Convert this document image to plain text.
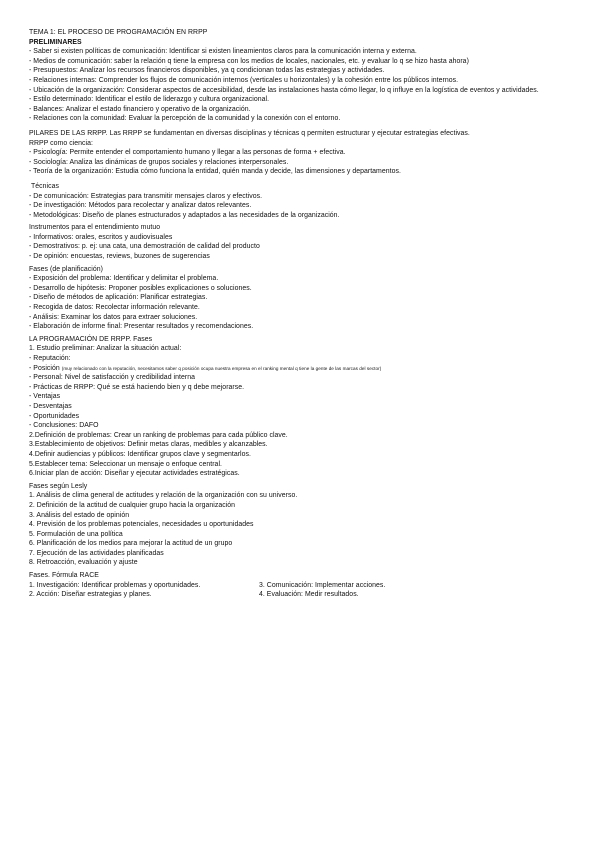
TEMA 1: EL PROCESO DE PROGRAMACIÓN EN RRPP
PRELIMINARES
- Saber si existen políticas de comunicación: Identificar si existen lineamientos claros para la comunicación interna y externa.
- Medios de comunicación: saber la relación q tiene la empresa con los medios de locales, nacionales, etc. y evaluar lo q se hizo hasta ahora)
- Presupuestos: Analizar los recursos financieros disponibles, ya q condicionan todas las estrategias y actividades.
- Relaciones internas: Comprender los flujos de comunicación internos (verticales u horizontales) y la cohesión entre los públicos internos.
- Ubicación de la organización: Considerar aspectos de accesibilidad, desde las instalaciones hasta cómo llegar, lo q influye en la logística de eventos y actividades.
- Estilo determinado: Identificar el estilo de liderazgo y cultura organizacional.
- Balances: Analizar el estado financiero y operativo de la organización.
- Relaciones con la comunidad: Evaluar la percepción de la comunidad y la conexión con el entorno.
PILARES DE LAS RRPP. Las RRPP se fundamentan en diversas disciplinas y técnicas q permiten estructurar y ejecutar estrategias efectivas.
RRPP como ciencia:
- Psicología: Permite entender el comportamiento humano y llegar a las personas de forma + efectiva.
- Sociología: Analiza las dinámicas de grupos sociales y relaciones interpersonales.
- Teoría de la organización: Estudia cómo funciona la entidad, quién manda y decide, las dimensiones y departamentos.
Técnicas
- De comunicación: Estrategias para transmitir mensajes claros y efectivos.
- De investigación: Métodos para recolectar y analizar datos relevantes.
- Metodológicas: Diseño de planes estructurados y adaptados a las necesidades de la organización.
Instrumentos para el entendimiento mutuo
- Informativos: orales, escritos y audiovisuales
- Demostrativos: p. ej: una cata, una demostración de calidad del producto
- De opinión: encuestas, reviews, buzones de sugerencias
Fases (de planificación)
- Exposición del problema: Identificar y delimitar el problema.
- Desarrollo de hipótesis: Proponer posibles explicaciones o soluciones.
- Diseño de métodos de aplicación: Planificar estrategias.
- Recogida de datos: Recolectar información relevante.
- Análisis: Examinar los datos para extraer soluciones.
- Elaboración de informe final: Presentar resultados y recomendaciones.
LA PROGRAMACIÓN DE RRPP. Fases
1. Estudio preliminar: Analizar la situación actual:
- Reputación:
- Posición (muy relacionado con la reputación, necesitamos saber q posición ocupa nuestra empresa en el ranking mental q tiene la gente de las marcas del sector)
- Personal: Nivel de satisfacción y credibilidad interna
- Prácticas de RRPP: Qué se está haciendo bien y q debe mejorarse.
- Ventajas
- Desventajas
- Oportunidades
- Conclusiones: DAFO
2.Definición de problemas: Crear un ranking de problemas para cada público clave.
3.Establecimiento de objetivos: Definir metas claras, medibles y alcanzables.
4.Definir audiencias y públicos: Identificar grupos clave y segmentarlos.
5.Establecer tema: Seleccionar un mensaje o enfoque central.
6.Iniciar plan de acción: Diseñar y ejecutar actividades estratégicas.
Fases según Lesly
1. Análisis de clima general de actitudes y relación de la organización con su universo.
2. Definición de la actitud de cualquier grupo hacia la organización
3. Análisis del estado de opinión
4. Previsión de los problemas potenciales, necesidades u oportunidades
5. Formulación de una política
6. Planificación de los medios para mejorar la actitud de un grupo
7. Ejecución de las actividades planificadas
8. Retroacción, evaluación y ajuste
Fases. Fórmula RACE
1. Investigación: Identificar problemas y oportunidades.
2. Acción: Diseñar estrategias y planes.
3. Comunicación: Implementar acciones.
4. Evaluación: Medir resultados.
